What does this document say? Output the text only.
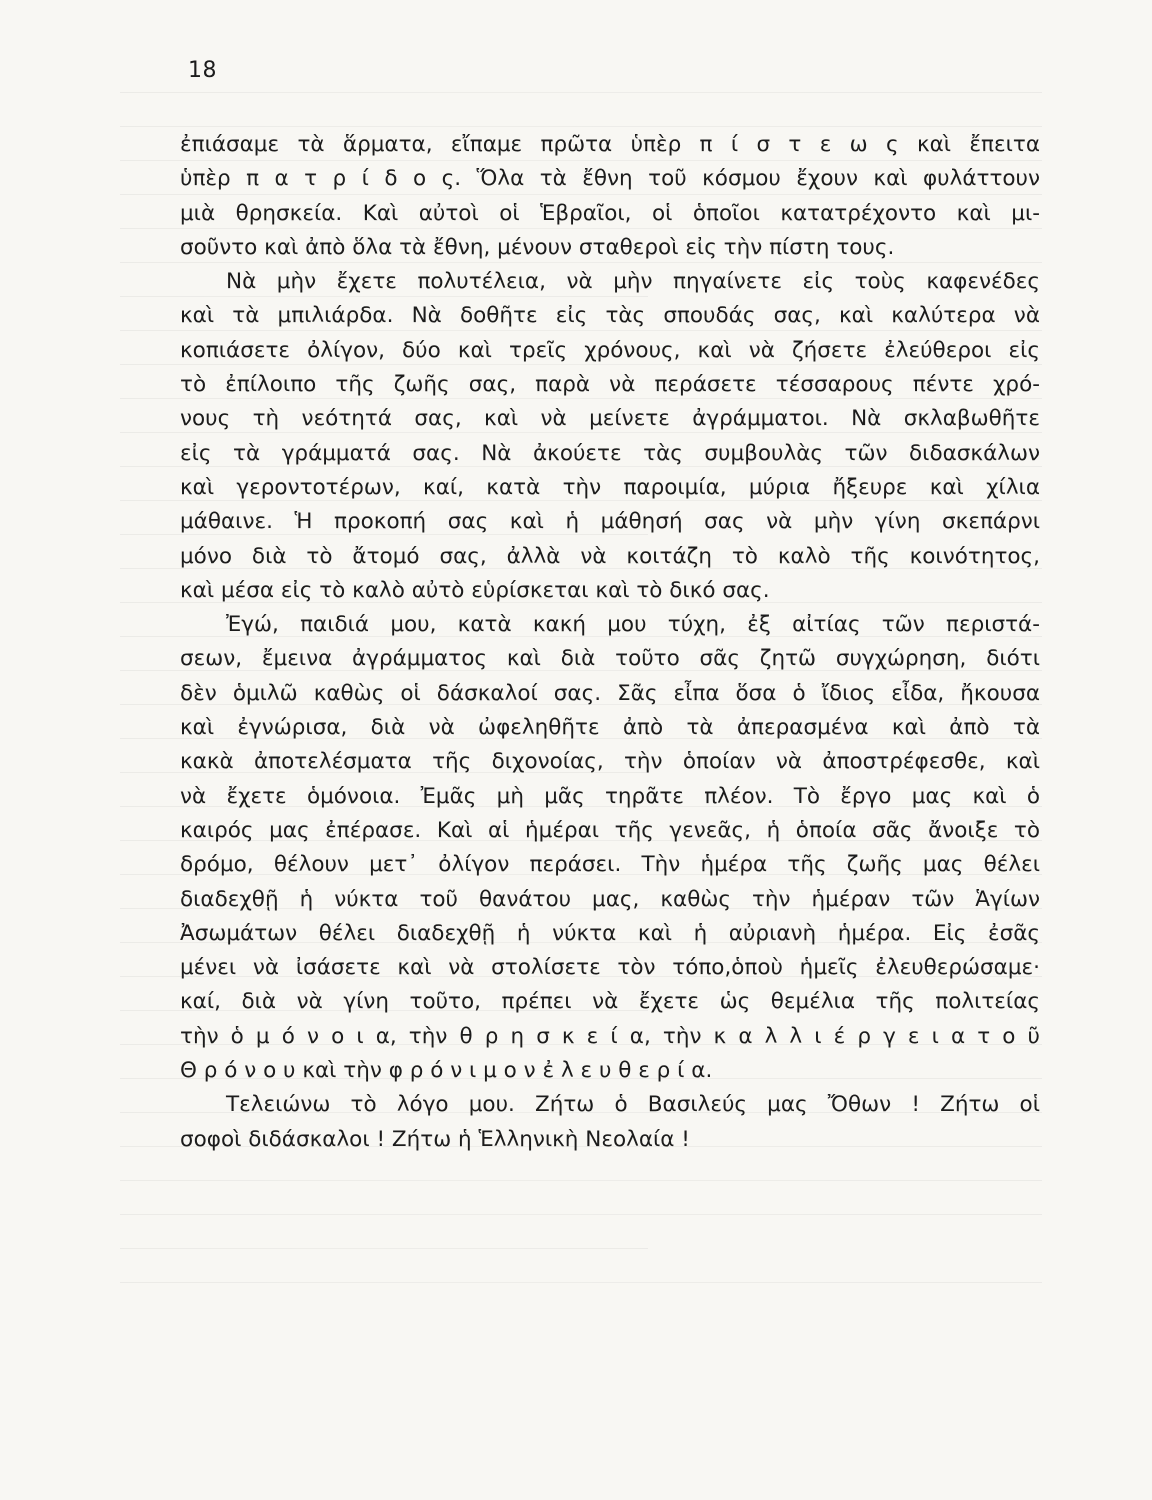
18
ἐπιάσαμε τὰ ἅρματα, εἴπαμε πρῶτα ὑπὲρ π ί σ τ ε ω ς καὶ ἔπειτα
ὑπὲρ π α τ ρ ί δ ο ς. Ὅλα τὰ ἔθνη τοῦ κόσμου ἔχουν καὶ φυλάττουν
μιὰ θρησκεία. Καὶ αὐτοὶ οἱ Ἑβραῖοι, οἱ ὁποῖοι κατατρέχοντο καὶ μι-
σοῦντο καὶ ἀπὸ ὅλα τὰ ἔθνη, μένουν σταθεροὶ εἰς τὴν πίστη τους.
Νὰ μὴν ἔχετε πολυτέλεια, νὰ μὴν πηγαίνετε εἰς τοὺς καφενέδες
καὶ τὰ μπιλιάρδα. Νὰ δοθῆτε εἰς τὰς σπουδάς σας, καὶ καλύτερα νὰ
κοπιάσετε ὀλίγον, δύο καὶ τρεῖς χρόνους, καὶ νὰ ζήσετε ἐλεύθεροι εἰς
τὸ ἐπίλοιπο τῆς ζωῆς σας, παρὰ νὰ περάσετε τέσσαρους πέντε χρό-
νους τὴ νεότητά σας, καὶ νὰ μείνετε ἀγράμματοι. Νὰ σκλαβωθῆτε
εἰς τὰ γράμματά σας. Νὰ ἀκούετε τὰς συμβουλὰς τῶν διδασκάλων
καὶ γεροντοτέρων, καί, κατὰ τὴν παροιμία, μύρια ἤξευρε καὶ χίλια
μάθαινε. Ἡ προκοπή σας καὶ ἡ μάθησή σας νὰ μὴν γίνη σκεπάρνι
μόνο διὰ τὸ ἄτομό σας, ἀλλὰ νὰ κοιτάζη τὸ καλὸ τῆς κοινότητος,
καὶ μέσα εἰς τὸ καλὸ αὐτὸ εὑρίσκεται καὶ τὸ δικό σας.
Ἐγώ, παιδιά μου, κατὰ κακή μου τύχη, ἐξ αἰτίας τῶν περιστά-
σεων, ἔμεινα ἀγράμματος καὶ διὰ τοῦτο σᾶς ζητῶ συγχώρηση, διότι
δὲν ὁμιλῶ καθὼς οἱ δάσκαλοί σας. Σᾶς εἶπα ὅσα ὁ ἴδιος εἶδα, ἤκουσα
καὶ ἐγνώρισα, διὰ νὰ ὠφεληθῆτε ἀπὸ τὰ ἀπερασμένα καὶ ἀπὸ τὰ
κακὰ ἀποτελέσματα τῆς διχονοίας, τὴν ὁποίαν νὰ ἀποστρέφεσθε, καὶ
νὰ ἔχετε ὁμόνοια. Ἐμᾶς μὴ μᾶς τηρᾶτε πλέον. Τὸ ἔργο μας καὶ ὁ
καιρός μας ἐπέρασε. Καὶ αἱ ἡμέραι τῆς γενεᾶς, ἡ ὁποία σᾶς ἄνοιξε τὸ
δρόμο, θέλουν μετ᾽ ὀλίγον περάσει. Τὴν ἡμέρα τῆς ζωῆς μας θέλει
διαδεχθῇ ἡ νύκτα τοῦ θανάτου μας, καθὼς τὴν ἡμέραν τῶν Ἁγίων
Ἀσωμάτων θέλει διαδεχθῇ ἡ νύκτα καὶ ἡ αὐριανὴ ἡμέρα. Εἰς ἐσᾶς
μένει νὰ ἰσάσετε καὶ νὰ στολίσετε τὸν τόπο,ὁποὺ ἡμεῖς ἐλευθερώσαμε·
καί, διὰ νὰ γίνη τοῦτο, πρέπει νὰ ἔχετε ὡς θεμέλια τῆς πολιτείας
τὴν ὁ μ ό ν ο ι α, τὴν θ ρ η σ κ ε ί α, τὴν κ α λ λ ι έ ρ γ ε ι α τ ο ῦ
Θ ρ ό ν ο υ καὶ τὴν φ ρ ό ν ι μ ο ν ἐ λ ε υ θ ε ρ ί α.
Τελειώνω τὸ λόγο μου. Ζήτω ὁ Βασιλεύς μας Ὄθων ! Ζήτω οἱ
σοφοὶ διδάσκαλοι ! Ζήτω ἡ Ἑλληνικὴ Νεολαία !
